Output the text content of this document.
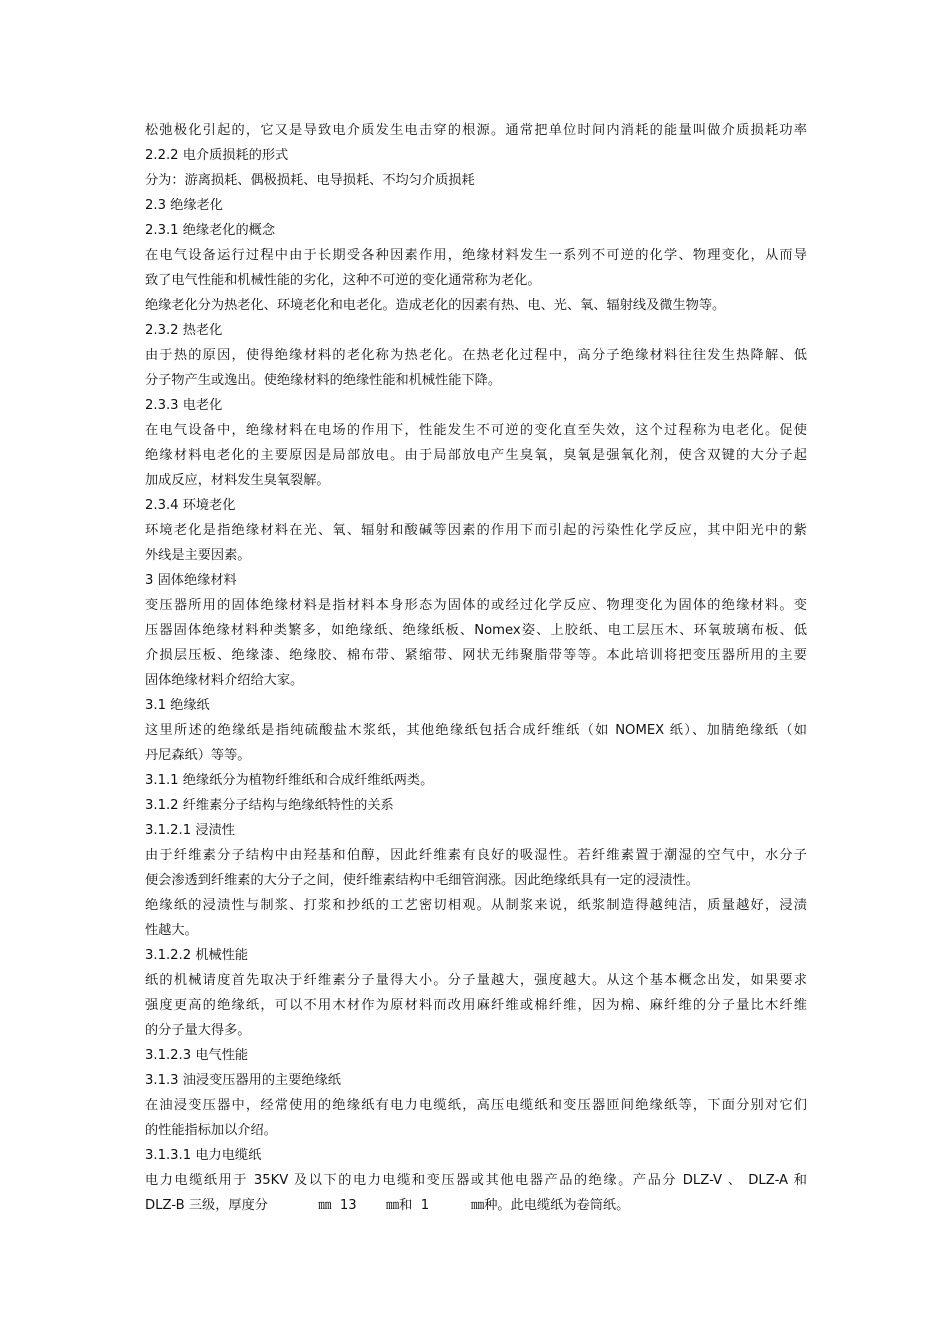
松弛极化引起的，它又是导致电介质发生电击穿的根源。通常把单位时间内消耗的能量叫做介质损耗功率
2.2.2 电介质损耗的形式
分为：游离损耗、偶极损耗、电导损耗、不均匀介质损耗
2.3 绝缘老化
2.3.1 绝缘老化的概念
在电气设备运行过程中由于长期受各种因素作用，绝缘材料发生一系列不可逆的化学、物理变化，从而导
致了电气性能和机械性能的劣化，这种不可逆的变化通常称为老化。
绝缘老化分为热老化、环境老化和电老化。造成老化的因素有热、电、光、氧、辐射线及微生物等。
2.3.2 热老化
由于热的原因，使得绝缘材料的老化称为热老化。在热老化过程中，高分子绝缘材料往往发生热降解、低
分子物产生或逸出。使绝缘材料的绝缘性能和机械性能下降。
2.3.3 电老化
在电气设备中，绝缘材料在电场的作用下，性能发生不可逆的变化直至失效，这个过程称为电老化。促使
绝缘材料电老化的主要原因是局部放电。由于局部放电产生臭氧，臭氧是强氧化剂，使含双键的大分子起
加成反应，材料发生臭氧裂解。
2.3.4 环境老化
环境老化是指绝缘材料在光、氧、辐射和酸碱等因素的作用下而引起的污染性化学反应，其中阳光中的紫
外线是主要因素。
3 固体绝缘材料
变压器所用的固体绝缘材料是指材料本身形态为固体的或经过化学反应、物理变化为固体的绝缘材料。变
压器固体绝缘材料种类繁多，如绝缘纸、绝缘纸板、Nomex姿、上胶纸、电工层压木、环氧玻璃布板、低
介损层压板、绝缘漆、绝缘胶、棉布带、紧缩带、网状无纬聚脂带等等。本此培训将把变压器所用的主要
固体绝缘材料介绍给大家。
3.1 绝缘纸
这里所述的绝缘纸是指纯硫酸盐木浆纸，其他绝缘纸包括合成纤维纸（如 NOMEX 纸）、加腈绝缘纸（如
丹尼森纸）等等。
3.1.1 绝缘纸分为植物纤维纸和合成纤维纸两类。
3.1.2 纤维素分子结构与绝缘纸特性的关系
3.1.2.1 浸渍性
由于纤维素分子结构中由羟基和伯醇，因此纤维素有良好的吸湿性。若纤维素置于潮湿的空气中，水分子
便会渗透到纤维素的大分子之间，使纤维素结构中毛细管润涨。因此绝缘纸具有一定的浸渍性。
绝缘纸的浸渍性与制浆、打浆和抄纸的工艺密切相观。从制浆来说，纸浆制造得越纯洁，质量越好，浸渍
性越大。
3.1.2.2 机械性能
纸的机械请度首先取决于纤维素分子量得大小。分子量越大，强度越大。从这个基本概念出发，如果要求
强度更高的绝缘纸，可以不用木材作为原材料而改用麻纤维或棉纤维，因为棉、麻纤维的分子量比木纤维
的分子量大得多。
3.1.2.3 电气性能
3.1.3 油浸变压器用的主要绝缘纸
在油浸变压器中，经常使用的绝缘纸有电力电缆纸，高压电缆纸和变压器匝间绝缘纸等，下面分别对它们
的性能指标加以介绍。
3.1.3.1 电力电缆纸
电力电缆纸用于 35KV 及以下的电力电缆和变压器或其他电器产品的绝缘。产品分 DLZ-V 、 DLZ-A 和
DLZ-B 三级，厚度分            ㎜  13       ㎜和  1          ㎜种。此电缆纸为卷筒纸。
